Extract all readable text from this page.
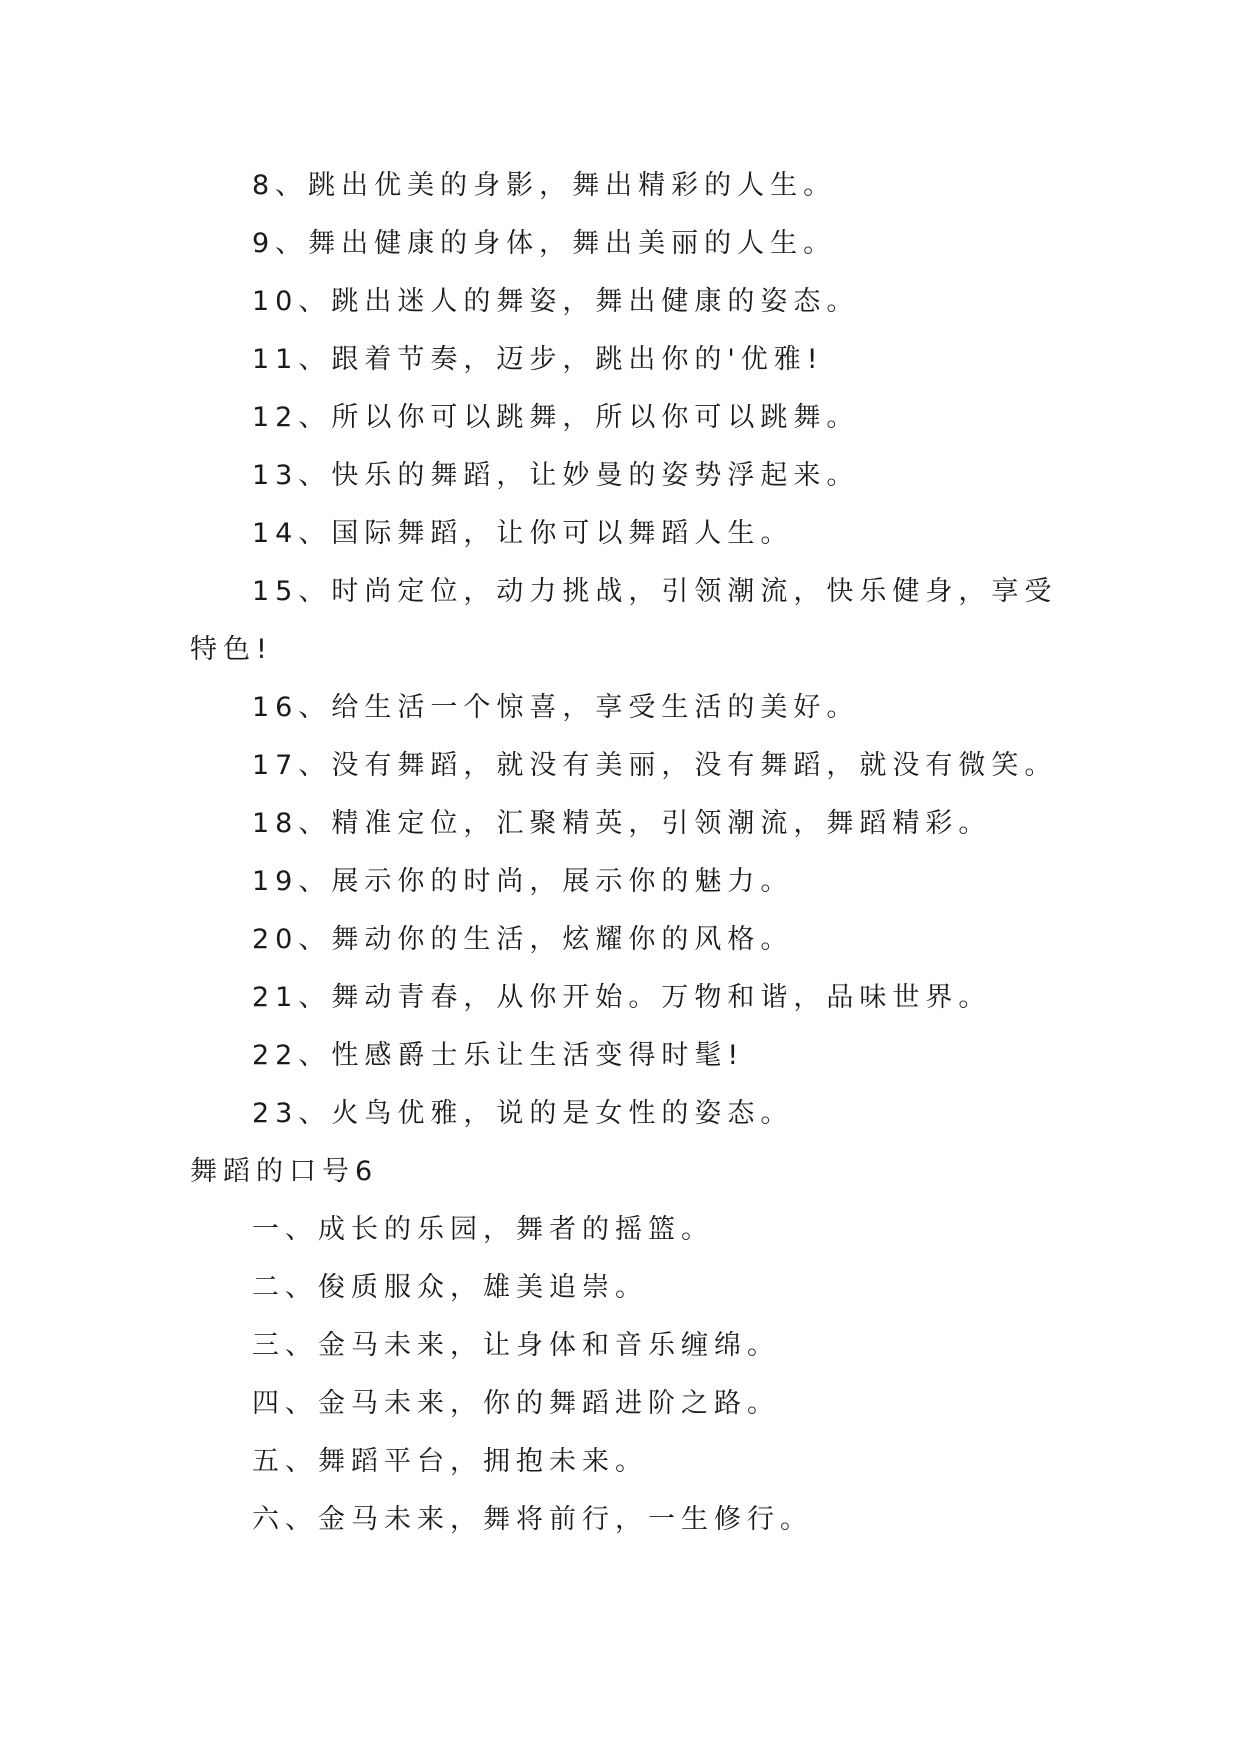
8、跳出优美的身影，舞出精彩的人生。
9、舞出健康的身体，舞出美丽的人生。
10、跳出迷人的舞姿，舞出健康的姿态。
11、跟着节奏，迈步，跳出你的'优雅!
12、所以你可以跳舞，所以你可以跳舞。
13、快乐的舞蹈，让妙曼的姿势浮起来。
14、国际舞蹈，让你可以舞蹈人生。
15、时尚定位，动力挑战，引领潮流，快乐健身，享受
特色!
16、给生活一个惊喜，享受生活的美好。
17、没有舞蹈，就没有美丽，没有舞蹈，就没有微笑。
18、精准定位，汇聚精英，引领潮流，舞蹈精彩。
19、展示你的时尚，展示你的魅力。
20、舞动你的生活，炫耀你的风格。
21、舞动青春，从你开始。万物和谐，品味世界。
22、性感爵士乐让生活变得时髦!
23、火鸟优雅，说的是女性的姿态。
舞蹈的口号6
一、成长的乐园，舞者的摇篮。
二、俊质服众，雄美追崇。
三、金马未来，让身体和音乐缠绵。
四、金马未来，你的舞蹈进阶之路。
五、舞蹈平台，拥抱未来。
六、金马未来，舞将前行，一生修行。
